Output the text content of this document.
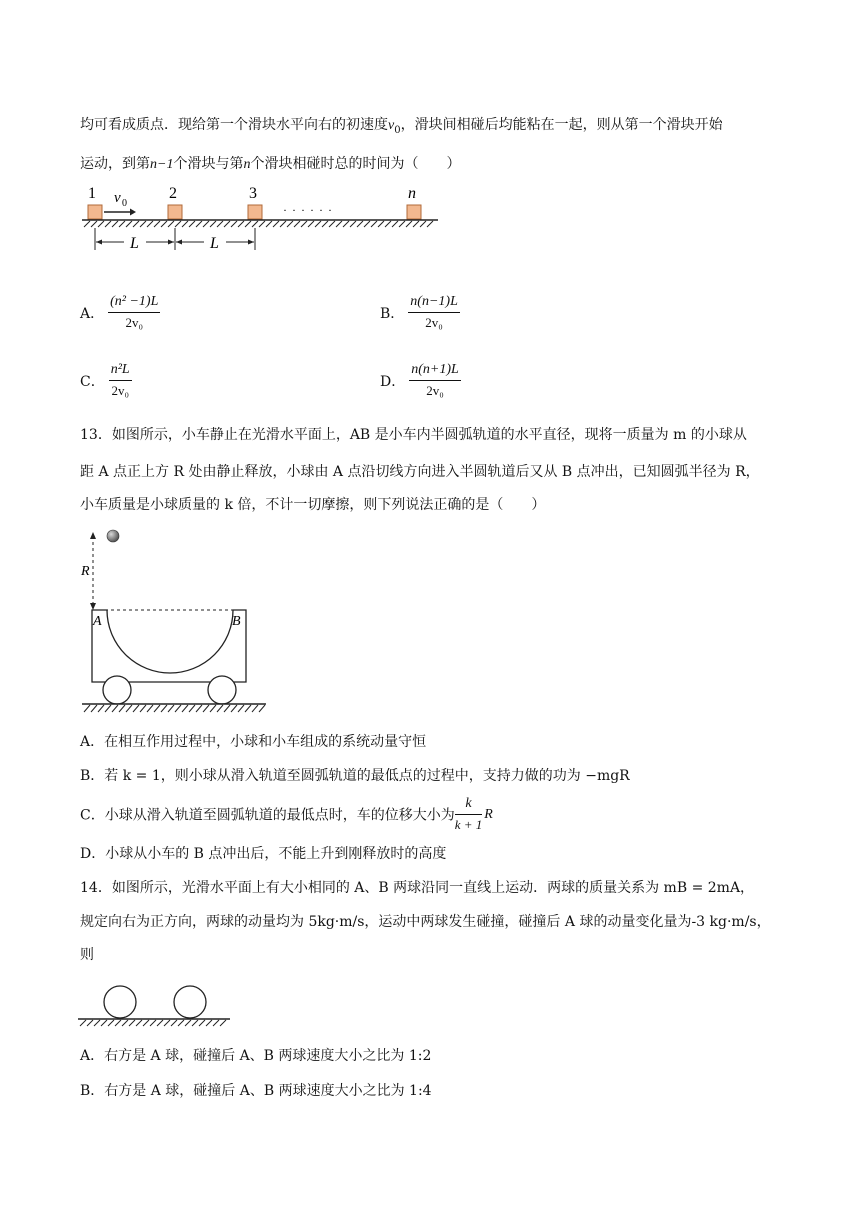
均可看成质点．现给第一个滑块水平向右的初速度$v_0$，滑块间相碰后均能粘在一起，则从第一个滑块开始
运动，到第n−1个滑块与第n个滑块相碰时总的时间为（　　）
1	2	3	n
v 0	· · · · · ·
L	L
A． $\frac{\text{(n² −1)L}}{\text{2v₀}}$	B． $\frac{n(n-1)L}{\text{2v₀}}$
C． $\frac{\text{n²L}}{\text{2v₀}}$	D． $\frac{n(n+1)L}{\text{2v₀}}$
13．如图所示，小车静止在光滑水平面上，AB 是小车内半圆弧轨道的水平直径，现将一质量为 m 的小球从
距 A 点正上方 R 处由静止释放，小球由 A 点沿切线方向进入半圆轨道后又从 B 点冲出，已知圆弧半径为 R，
小车质量是小球质量的 k 倍，不计一切摩擦，则下列说法正确的是（　　）
R
A	B
A．在相互作用过程中，小球和小车组成的系统动量守恒
B．若 k = 1，则小球从滑入轨道至圆弧轨道的最低点的过程中，支持力做的功为 −mgR
C．小球从滑入轨道至圆弧轨道的最低点时，车的位移大小为 $\frac{k}{k + 1}$ R
D．小球从小车的 B 点冲出后，不能上升到刚释放时的高度
14．如图所示，光滑水平面上有大小相同的 A、B 两球沿同一直线上运动．两球的质量关系为 mB = 2mA，
规定向右为正方向，两球的动量均为 5kg·m/s，运动中两球发生碰撞，碰撞后 A 球的动量变化量为-3 kg·m/s，
则
A．右方是 A 球，碰撞后 A、B 两球速度大小之比为 1:2
B．右方是 A 球，碰撞后 A、B 两球速度大小之比为 1:4
